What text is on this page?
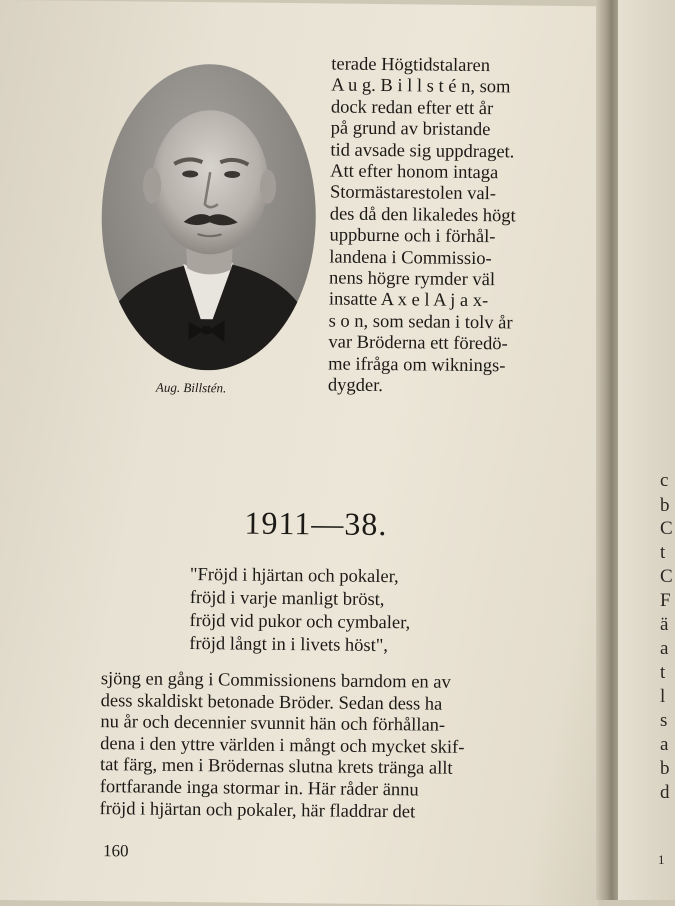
Aug. Billstén.
terade Högtidstalaren
A u g. B i l l s t é n, som
dock redan efter ett år
på grund av bristande
tid avsade sig uppdraget.
Att efter honom intaga
Stormästarestolen val-
des då den likaledes högt
uppburne och i förhål-
landena i Commissio-
nens högre rymder väl
insatte A x e l A j a x-
s o n, som sedan i tolv år
var Bröderna ett föredö-
me ifråga om wiknings-
dygder.
1911—38.
"Fröjd i hjärtan och pokaler,
fröjd i varje manligt bröst,
fröjd vid pukor och cymbaler,
fröjd långt in i livets höst",
sjöng en gång i Commissionens barndom en av
dess skaldiskt betonade Bröder. Sedan dess ha
nu år och decennier svunnit hän och förhållan-
dena i den yttre världen i mångt och mycket skif-
tat färg, men i Brödernas slutna krets tränga allt
fortfarande inga stormar in. Här råder ännu
fröjd i hjärtan och pokaler, här fladdrar det
160
c
b
C
t
C
F
ä
a
t
l
s
a
b
d
1
